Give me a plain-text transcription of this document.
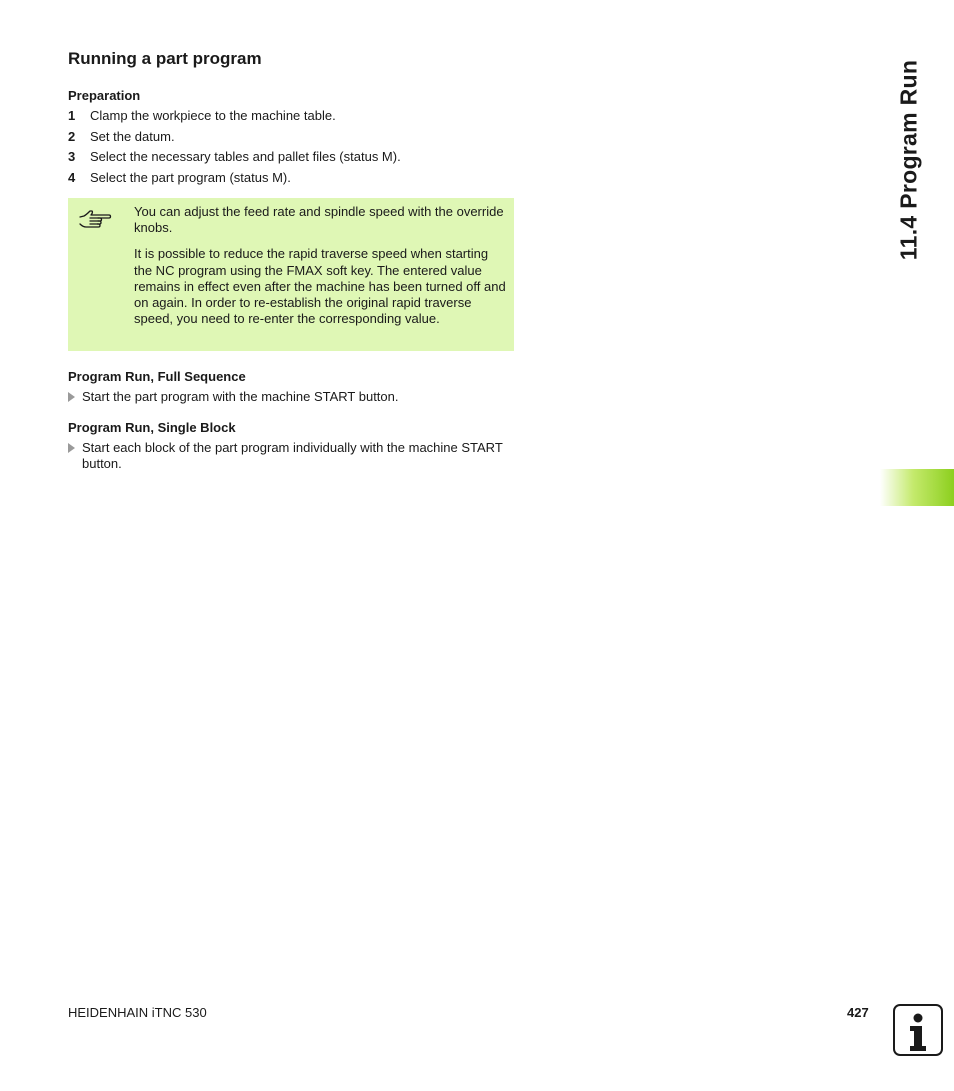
Running a part program
Preparation
1	Clamp the workpiece to the machine table.
2	Set the datum.
3	Select the necessary tables and pallet files (status M).
4	Select the part program (status M).

You can adjust the feed rate and spindle speed with the override knobs.

It is possible to reduce the rapid traverse speed when starting the NC program using the FMAX soft key. The entered value remains in effect even after the machine has been turned off and on again. In order to re-establish the original rapid traverse speed, you need to re-enter the corresponding value.

Program Run, Full Sequence
Start the part program with the machine START button.
Program Run, Single Block
Start each block of the part program individually with the machine START button.
11.4 Program Run
HEIDENHAIN iTNC 530	427
